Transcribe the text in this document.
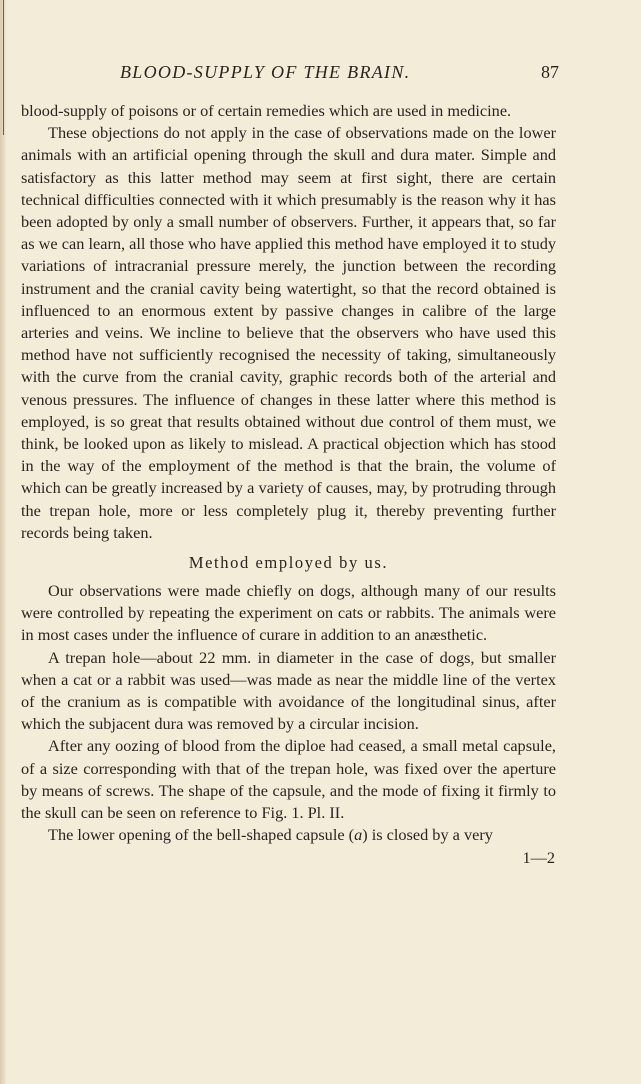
BLOOD-SUPPLY OF THE BRAIN.	87

blood-supply of poisons or of certain remedies which are used in medicine.

These objections do not apply in the case of observations made on the lower animals with an artificial opening through the skull and dura mater. Simple and satisfactory as this latter method may seem at first sight, there are certain technical difficulties connected with it which presumably is the reason why it has been adopted by only a small number of observers. Further, it appears that, so far as we can learn, all those who have applied this method have employed it to study variations of intracranial pressure merely, the junction between the recording instrument and the cranial cavity being watertight, so that the record obtained is influenced to an enormous extent by passive changes in calibre of the large arteries and veins. We incline to believe that the observers who have used this method have not sufficiently recognised the necessity of taking, simultaneously with the curve from the cranial cavity, graphic records both of the arterial and venous pressures. The influence of changes in these latter where this method is employed, is so great that results obtained without due control of them must, we think, be looked upon as likely to mislead. A practical objection which has stood in the way of the employment of the method is that the brain, the volume of which can be greatly increased by a variety of causes, may, by protruding through the trepan hole, more or less completely plug it, thereby preventing further records being taken.

Method employed by us.

Our observations were made chiefly on dogs, although many of our results were controlled by repeating the experiment on cats or rabbits. The animals were in most cases under the influence of curare in addition to an anæsthetic.

A trepan hole—about 22 mm. in diameter in the case of dogs, but smaller when a cat or a rabbit was used—was made as near the middle line of the vertex of the cranium as is compatible with avoidance of the longitudinal sinus, after which the subjacent dura was removed by a circular incision.

After any oozing of blood from the diploe had ceased, a small metal capsule, of a size corresponding with that of the trepan hole, was fixed over the aperture by means of screws. The shape of the capsule, and the mode of fixing it firmly to the skull can be seen on reference to Fig. 1. Pl. II.

The lower opening of the bell-shaped capsule (a) is closed by a very

1—2
